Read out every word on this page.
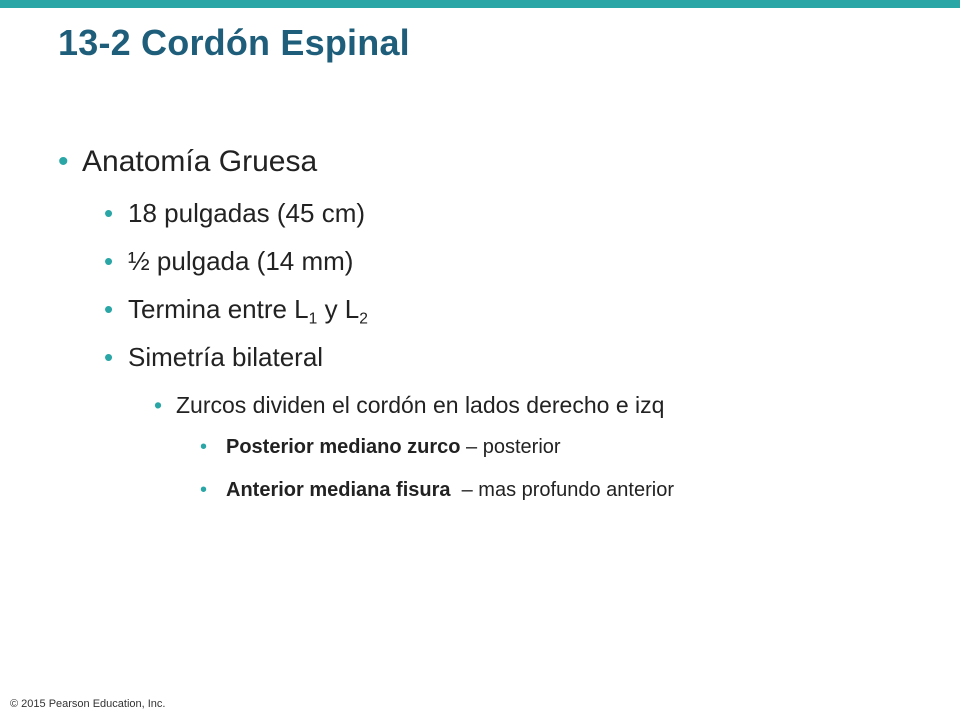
13-2 Cordón Espinal
• Anatomía Gruesa
• 18 pulgadas (45 cm)
• ½ pulgada (14 mm)
• Termina entre $L_1$ y $L_2$
• Simetría bilateral
• Zurcos dividen el cordón en lados derecho e izq
• Posterior mediano zurco – posterior
• Anterior mediana fisura  – mas profundo anterior
© 2015 Pearson Education, Inc.
